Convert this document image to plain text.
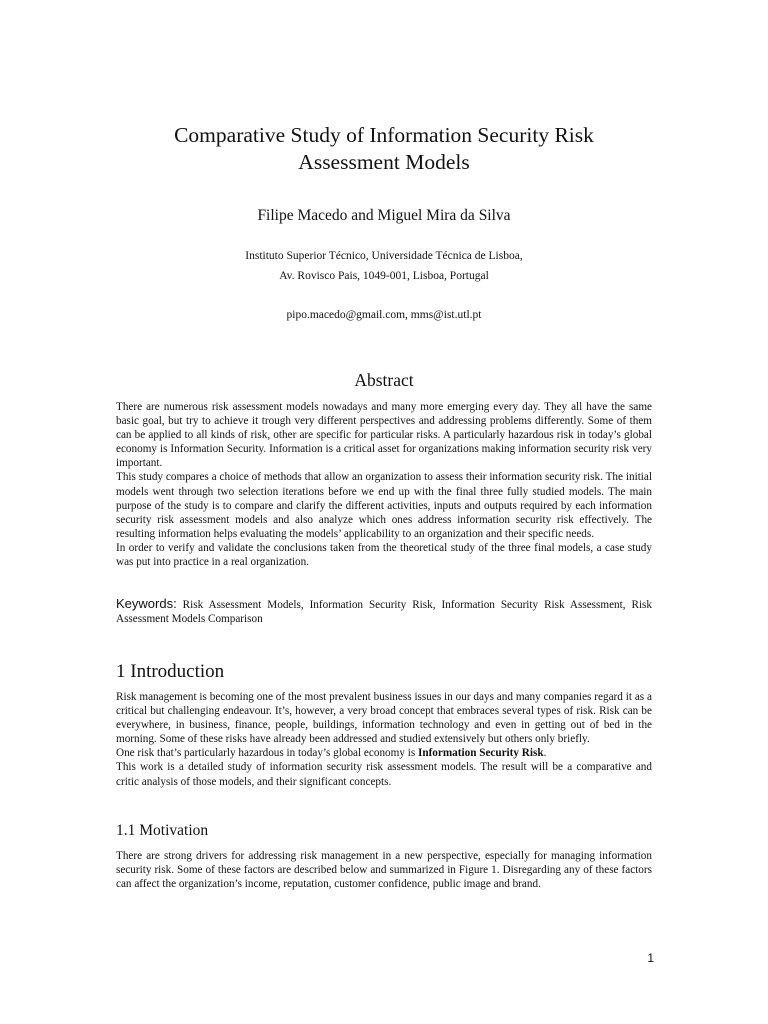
Comparative Study of Information Security Risk
Assessment Models
Filipe Macedo and Miguel Mira da Silva
Instituto Superior Técnico, Universidade Técnica de Lisboa,
Av. Rovisco Pais, 1049-001, Lisboa, Portugal
pipo.macedo@gmail.com, mms@ist.utl.pt
Abstract

There are numerous risk assessment models nowadays and many more emerging every day. They all have the same basic goal, but try to achieve it trough very different perspectives and addressing problems differently. Some of them can be applied to all kinds of risk, other are specific for particular risks. A particularly hazardous risk in today’s global economy is Information Security. Information is a critical asset for organizations making information security risk very important.

This study compares a choice of methods that allow an organization to assess their information security risk. The initial models went through two selection iterations before we end up with the final three fully studied models. The main purpose of the study is to compare and clarify the different activities, inputs and outputs required by each information security risk assessment models and also analyze which ones address information security risk effectively. The resulting information helps evaluating the models’ applicability to an organization and their specific needs.

In order to verify and validate the conclusions taken from the theoretical study of the three final models, a case study was put into practice in a real organization.

Keywords: Risk Assessment Models, Information Security Risk, Information Security Risk Assessment, Risk Assessment Models Comparison

1 Introduction

Risk management is becoming one of the most prevalent business issues in our days and many companies regard it as a critical but challenging endeavour. It’s, however, a very broad concept that embraces several types of risk. Risk can be everywhere, in business, finance, people, buildings, information technology and even in getting out of bed in the morning. Some of these risks have already been addressed and studied extensively but others only briefly.

One risk that’s particularly hazardous in today’s global economy is Information Security Risk.

This work is a detailed study of information security risk assessment models. The result will be a comparative and critic analysis of those models, and their significant concepts.

1.1 Motivation

There are strong drivers for addressing risk management in a new perspective, especially for managing information security risk. Some of these factors are described below and summarized in Figure 1. Disregarding any of these factors can affect the organization’s income, reputation, customer confidence, public image and brand.

1
